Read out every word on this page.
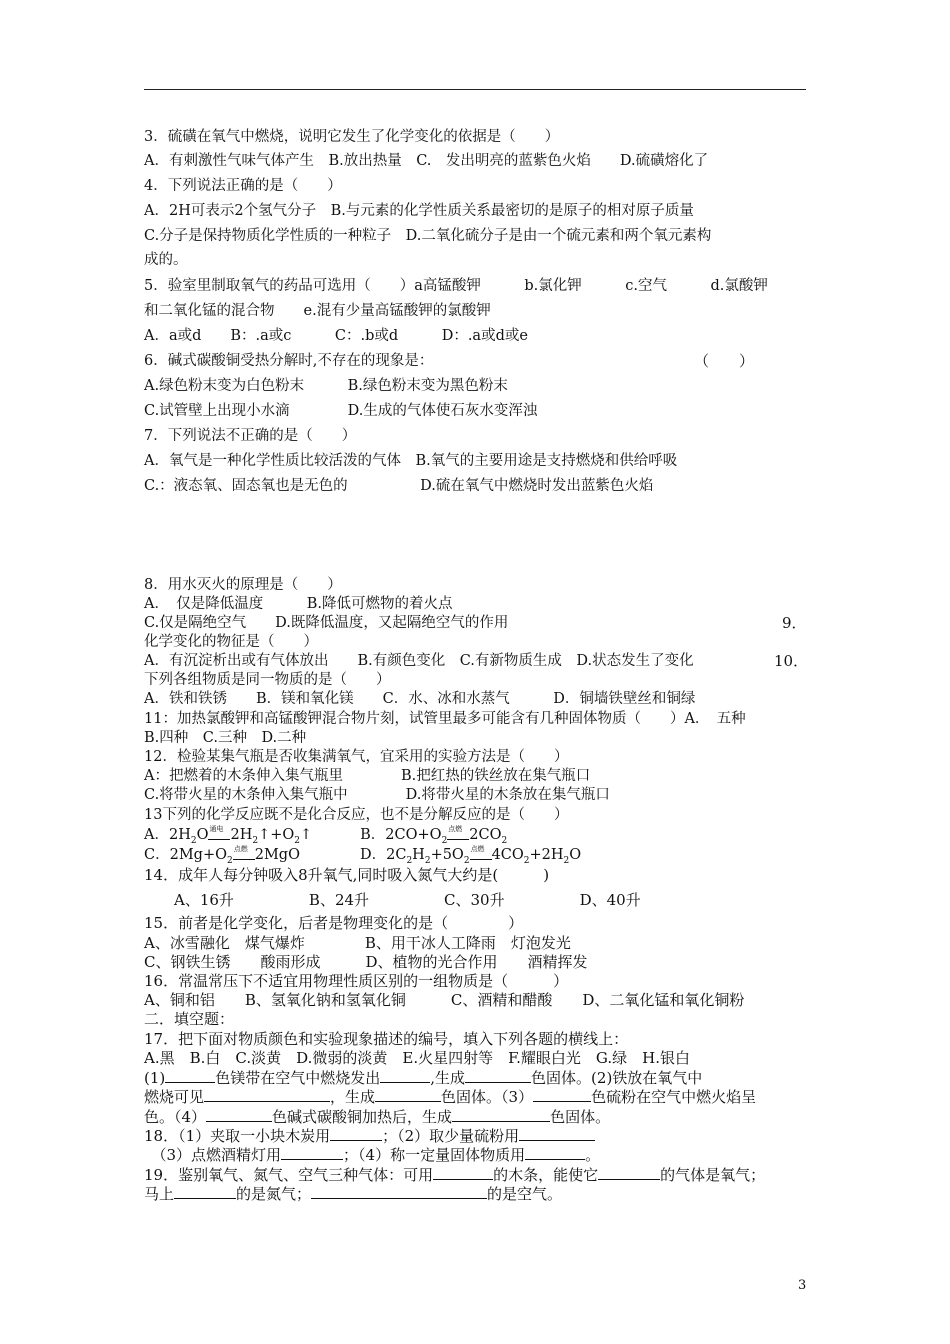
3．硫磺在氧气中燃烧，说明它发生了化学变化的依据是（　　）
A．有刺激性气味气体产生　B.放出热量　C.　发出明亮的蓝紫色火焰　　D.硫磺熔化了
4．下列说法正确的是（　　）
A．2H可表示2个氢气分子　B.与元素的化学性质关系最密切的是原子的相对原子质量
C.分子是保持物质化学性质的一种粒子　D.二氧化硫分子是由一个硫元素和两个氧元素构
成的。
5．验室里制取氧气的药品可选用（　　）a高锰酸钾　　　b.氯化钾　　　c.空气　　　d.氯酸钾
和二氧化锰的混合物　　e.混有少量高锰酸钾的氯酸钾
A．a或d　　B：.a或c　　　C：.b或d　　　D：.a或d或e
6．碱式碳酸铜受热分解时,不存在的现象是：	（　　）
A.绿色粉末变为白色粉末　　　B.绿色粉末变为黑色粉末
C.试管壁上出现小水滴　　　　D.生成的气体使石灰水变浑浊
7．下列说法不正确的是（　　）
A．氧气是一种化学性质比较活泼的气体　B.氧气的主要用途是支持燃烧和供给呼吸
C.：液态氧、固态氧也是无色的　　　　　D.硫在氧气中燃烧时发出蓝紫色火焰
8．用水灭火的原理是（　　）
A．　仅是降低温度　　　B.降低可燃物的着火点
C.仅是隔绝空气　　D.既降低温度，又起隔绝空气的作用	9．
化学变化的物征是（　　）
A．有沉淀析出或有气体放出　　B.有颜色变化　C.有新物质生成　D.状态发生了变化	10．
下列各组物质是同一物质的是（　　）
A．铁和铁锈　　B．镁和氧化镁　　C．水、冰和水蒸气　　　D．铜墙铁壁丝和铜绿
11：加热氯酸钾和高锰酸钾混合物片刻，试管里最多可能含有几种固体物质（　　）A．　五种
B.四种　C.三种　D.二种
12．检验某集气瓶是否收集满氧气，宜采用的实验方法是（　　）
A：把燃着的木条伸入集气瓶里　　　　B.把红热的铁丝放在集气瓶口
C.将带火星的木条伸入集气瓶中　　　　D.将带火星的木条放在集气瓶口
13下列的化学反应既不是化合反应，也不是分解反应的是（　　）
A．$2H_2O$ 通电 $2H_2↑+O_2↑$	B．$2CO+O_2$
点燃 $2CO_2$
C．$2Mg+O_2$
点燃 2MgO	D．$2C_2H_2+5O_2$
点燃 $4CO_2+2H_2O$
14．成年人每分钟吸入8升氧气,同时吸入氮气大约是(　　　)
　　A、16升　　　　　B、24升　　　　　C、30升　　　　　D、40升
15．前者是化学变化，后者是物理变化的是（　　　　）
A、冰雪融化　煤气爆炸　　　　B、用干冰人工降雨　灯泡发光
C、钢铁生锈　　酸雨形成　　　D、植物的光合作用　　酒精挥发
16．常温常压下不适宜用物理性质区别的一组物质是（　　　）
A、铜和铝　　B、氢氧化钠和氢氧化铜　　　C、酒精和醋酸　　D、二氧化锰和氧化铜粉
二．填空题：
17．把下面对物质颜色和实验现象描述的编号，填入下列各题的横线上：
A.黑　B.白　C.淡黄　D.微弱的淡黄　E.火星四射等　F.耀眼白光　G.绿　H.银白
(1)	色镁带在空气中燃烧发出	,生成	色固体。(2)铁放在氧气中
燃烧可见	，生成	色固体。（3）	色硫粉在空气中燃火焰呈
色。（4）	色碱式碳酸铜加热后，生成	色固体。
18．（1）夹取一小块木炭用	；（2）取少量硫粉用
　（3）点燃酒精灯用	；（4）称一定量固体物质用	。
19．鉴别氧气、氮气、空气三种气体：可用	的木条，能使它	的气体是氧气；
马上	的是氮气；	的是空气。
3
